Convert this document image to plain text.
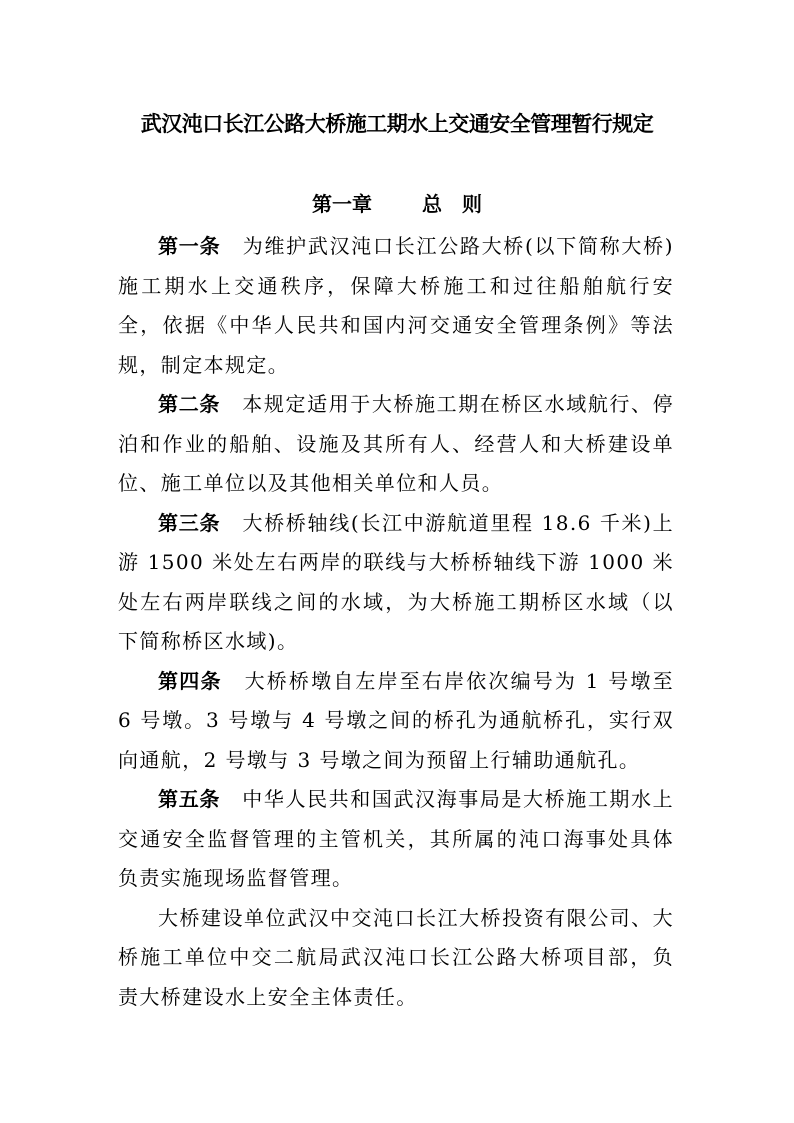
武汉沌口长江公路大桥施工期水上交通安全管理暂行规定
第一章	总　则

第一条 为维护武汉沌口长江公路大桥(以下简称大桥)施工期水上交通秩序，保障大桥施工和过往船舶航行安全，依据《中华人民共和国内河交通安全管理条例》等法规，制定本规定。

第二条 本规定适用于大桥施工期在桥区水域航行、停泊和作业的船舶、设施及其所有人、经营人和大桥建设单位、施工单位以及其他相关单位和人员。

第三条 大桥桥轴线(长江中游航道里程 18.6 千米)上游 1500 米处左右两岸的联线与大桥桥轴线下游 1000 米处左右两岸联线之间的水域，为大桥施工期桥区水域（以下简称桥区水域)。

第四条 大桥桥墩自左岸至右岸依次编号为 1 号墩至 6 号墩。3 号墩与 4 号墩之间的桥孔为通航桥孔，实行双向通航，2 号墩与 3 号墩之间为预留上行辅助通航孔。

第五条 中华人民共和国武汉海事局是大桥施工期水上交通安全监督管理的主管机关，其所属的沌口海事处具体负责实施现场监督管理。

大桥建设单位武汉中交沌口长江大桥投资有限公司、大桥施工单位中交二航局武汉沌口长江公路大桥项目部，负责大桥建设水上安全主体责任。
